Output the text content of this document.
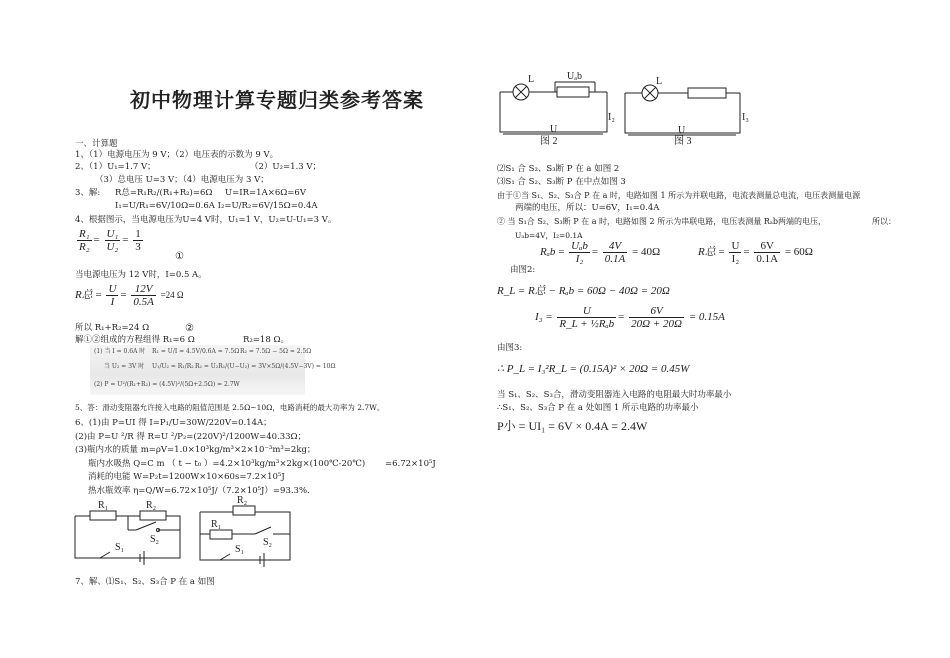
初中物理计算专题归类参考答案
一、计算题
1、（1）电源电压为 9 V；（2）电压表的示数为 9 V。
2、（1）U₁=1.7 V；	（2）U₂=1.3 V；
（3）总电压 U=3 V；（4）电源电压为 3 V；
3、解: R总=R₁R₂/(R₁+R₂)=6Ω U=IR=1A×6Ω=6V
I₁=U/R₁=6V/10Ω=0.6A I₂=U/R₂=6V/15Ω=0.4A
4、根据图示，当电源电压为U=4 V时，U₁=1 V，U₂=U-U₁=3 V。
$\frac{\text{R₁}}{\text{R₂}} = \frac{\text{U₁}}{\text{U₂}} = \frac{1}{3}$
①
当电源电压为 12 V时，I=0.5 A。
R总 = $\frac{U}{I} = \frac{12V}{0.5A} =24$ Ω
所以 R₁+R₂=24 Ω	②
解①②组成的方程组得 R₁=6 Ω	R₂=18 Ω。
(1) 当 I = 0.6A 时 R₁ = U/I = 4.5V/0.6A = 7.5Ω R₂ = 7.5Ω − 5Ω = 2.5Ω
当 U₂ = 3V 时 U₁/U₂ = R₁/R₂ R₂ = U₂R₁/(U−U₂) = 3V×5Ω/(4.5V−3V) = 10Ω
(2) P = U²/(R₁+R₂) = (4.5V)²/(5Ω+2.5Ω) = 2.7W
5、答：滑动变阻器允许接入电路的阻值范围是 2.5Ω~10Ω，电路消耗的最大功率为 2.7W。
6、(1)由 P=UI 得 I=P₁/U=30W/220V=0.14A；
(2)由 P=U ²/R 得 R=U ²/P₂=(220V)²/1200W=40.33Ω；
(3)瓶内水的质量 m=ρV=1.0×10³kg/m³×2×10⁻³m³=2kg；
瓶内水吸热 Q=C m （ t − t₀ ）=4.2×10³kg/m³×2kg×(100℃-20℃) =6.72×10⁵J
消耗的电能 W=P₂t=1200W×10×60s=7.2×10⁵J
热水瓶效率 η=Q/W=6.72×10⁵J/（7.2×10⁵J）=93.3%.
R₁	R₂
S₂
S₁
R₂
R₁
S₂
S₁
7、解、⑴S₁、S₂、S₃合 P 在 a 如图
L	Uₐb
I₂
U
图 2
L
I₃
U
图 3
⑵S₁ 合 S₂、S₃断 P 在 a 如图 2
⑶S₁ 合 S₂、S₃断 P 在中点如图 3
由于①当 S₁、S₂、S₃合 P 在 a 时，电路如图 1 所示为并联电路，电流表测量总电流，电压表测量电源
两端的电压，所以：U=6V，I₁=0.4A
② 当 S₁合 S₂、S₃断 P 在 a 时，电路如图 2 所示为串联电路，电压表测量 Rₐb两端的电压，	所以：
Uₐb=4V，I₂=0.1A
$R_ab = \frac{\text{Uₐb}}{\text{I₂}} = \frac{4V}{0.1A} = 40\Omega$	R总 = $\frac{U}{\text{I₂}} = \frac{6V}{0.1A} = 60\Omega$
由图2:
R_L = R总 − Rₐb = 60Ω − 40Ω = 20Ω
$I_3 = \frac{U}{\text{R\_L + ½Rₐb}} = \frac{6V}{20\Omega + 20\Omega} = 0.15A$
由图3:
∴ P_L = I₃²R_L = (0.15A)² × 20Ω = 0.45W
当 S₁、S₂、S₃合，滑动变阻器连入电路的电阻最大时功率最小
∴S₁、S₂、S₃合 P 在 a 处如图 1 所示电路的功率最小
P小 = UI₁ = 6V × 0.4A = 2.4W
